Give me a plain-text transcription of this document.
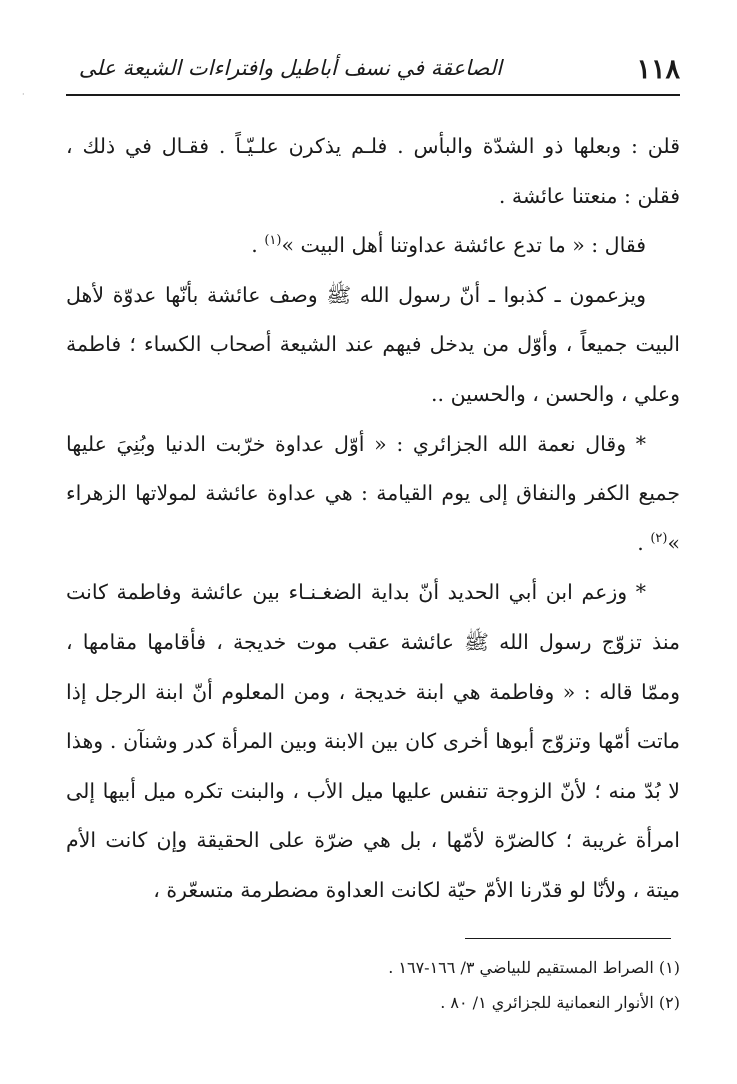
·
١١٨
الصاعقة في نسف أباطيل وافتراءات الشيعة على

قلن : وبعلها ذو الشدّة والبأس . فلـم يذكرن علـيّـاً . فقـال في ذلك ، فقلن : منعتنا عائشة .

فقال : « ما تدع عائشة عداوتنا أهل البيت »$^{(١)}$ .

ويزعمون ـ كذبوا ـ أنّ رسول الله ﷺ وصف عائشة بأنّها عدوّة لأهل البيت جميعاً ، وأوّل من يدخل فيهم عند الشيعة أصحاب الكساء ؛ فاطمة وعلي ، والحسن ، والحسين ..

* وقال نعمة الله الجزائري : « أوّل عداوة خرّبت الدنيا وبُنِيَ عليها جميع الكفر والنفاق إلى يوم القيامة : هي عداوة عائشة لمولاتها الزهراء »$^{(٢)}$ .

* وزعم ابن أبي الحديد أنّ بداية الضغـنـاء بين عائشة وفاطمة كانت منذ تزوّج رسول الله ﷺ عائشة عقب موت خديجة ، فأقامها مقامها ، وممّا قاله : « وفاطمة هي ابنة خديجة ، ومن المعلوم أنّ ابنة الرجل إذا ماتت أمّها وتزوّج أبوها أخرى كان بين الابنة وبين المرأة كدر وشنآن . وهذا لا بُدّ منه ؛ لأنّ الزوجة تنفس عليها ميل الأب ، والبنت تكره ميل أبيها إلى امرأة غريبة ؛ كالضرّة لأمّها ، بل هي ضرّة على الحقيقة وإن كانت الأم ميتة ، ولأنّا لو قدّرنا الأمّ حيّة لكانت العداوة مضطرمة متسعّرة ،

(١) الصراط المستقيم للبياضي ٣/ ١٦٦-١٦٧ .
(٢) الأنوار النعمانية للجزائري ١/ ٨٠ .
